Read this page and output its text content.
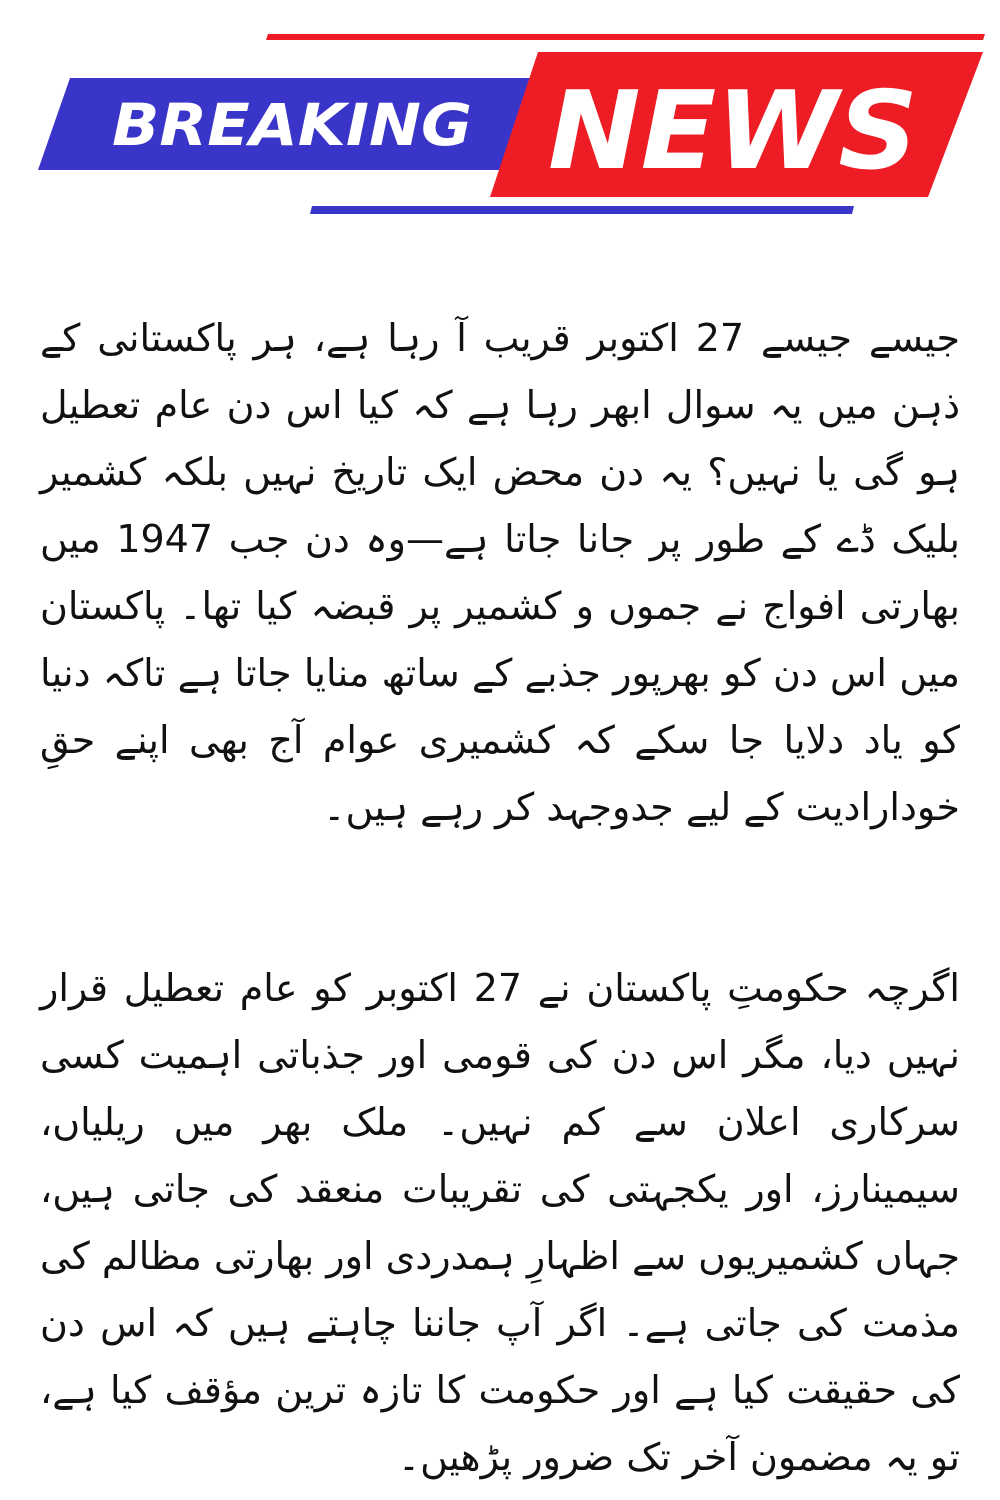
BREAKING NEWS

جیسے جیسے 27 اکتوبر قریب آ رہا ہے، ہر پاکستانی کے ذہن میں یہ سوال ابھر رہا ہے کہ کیا اس دن عام تعطیل ہو گی یا نہیں؟ یہ دن محض ایک تاریخ نہیں بلکہ کشمیر بلیک ڈے کے طور پر جانا جاتا ہے—وہ دن جب 1947 میں بھارتی افواج نے جموں و کشمیر پر قبضہ کیا تھا۔ پاکستان میں اس دن کو بھرپور جذبے کے ساتھ منایا جاتا ہے تاکہ دنیا کو یاد دلایا جا سکے کہ کشمیری عوام آج بھی اپنے حقِ خودارادیت کے لیے جدوجہد کر رہے ہیں۔

اگرچہ حکومتِ پاکستان نے 27 اکتوبر کو عام تعطیل قرار نہیں دیا، مگر اس دن کی قومی اور جذباتی اہمیت کسی سرکاری اعلان سے کم نہیں۔ ملک بھر میں ریلیاں، سیمینارز، اور یکجہتی کی تقریبات منعقد کی جاتی ہیں، جہاں کشمیریوں سے اظہارِ ہمدردی اور بھارتی مظالم کی مذمت کی جاتی ہے۔ اگر آپ جاننا چاہتے ہیں کہ اس دن کی حقیقت کیا ہے اور حکومت کا تازہ ترین مؤقف کیا ہے، تو یہ مضمون آخر تک ضرور پڑھیں۔
